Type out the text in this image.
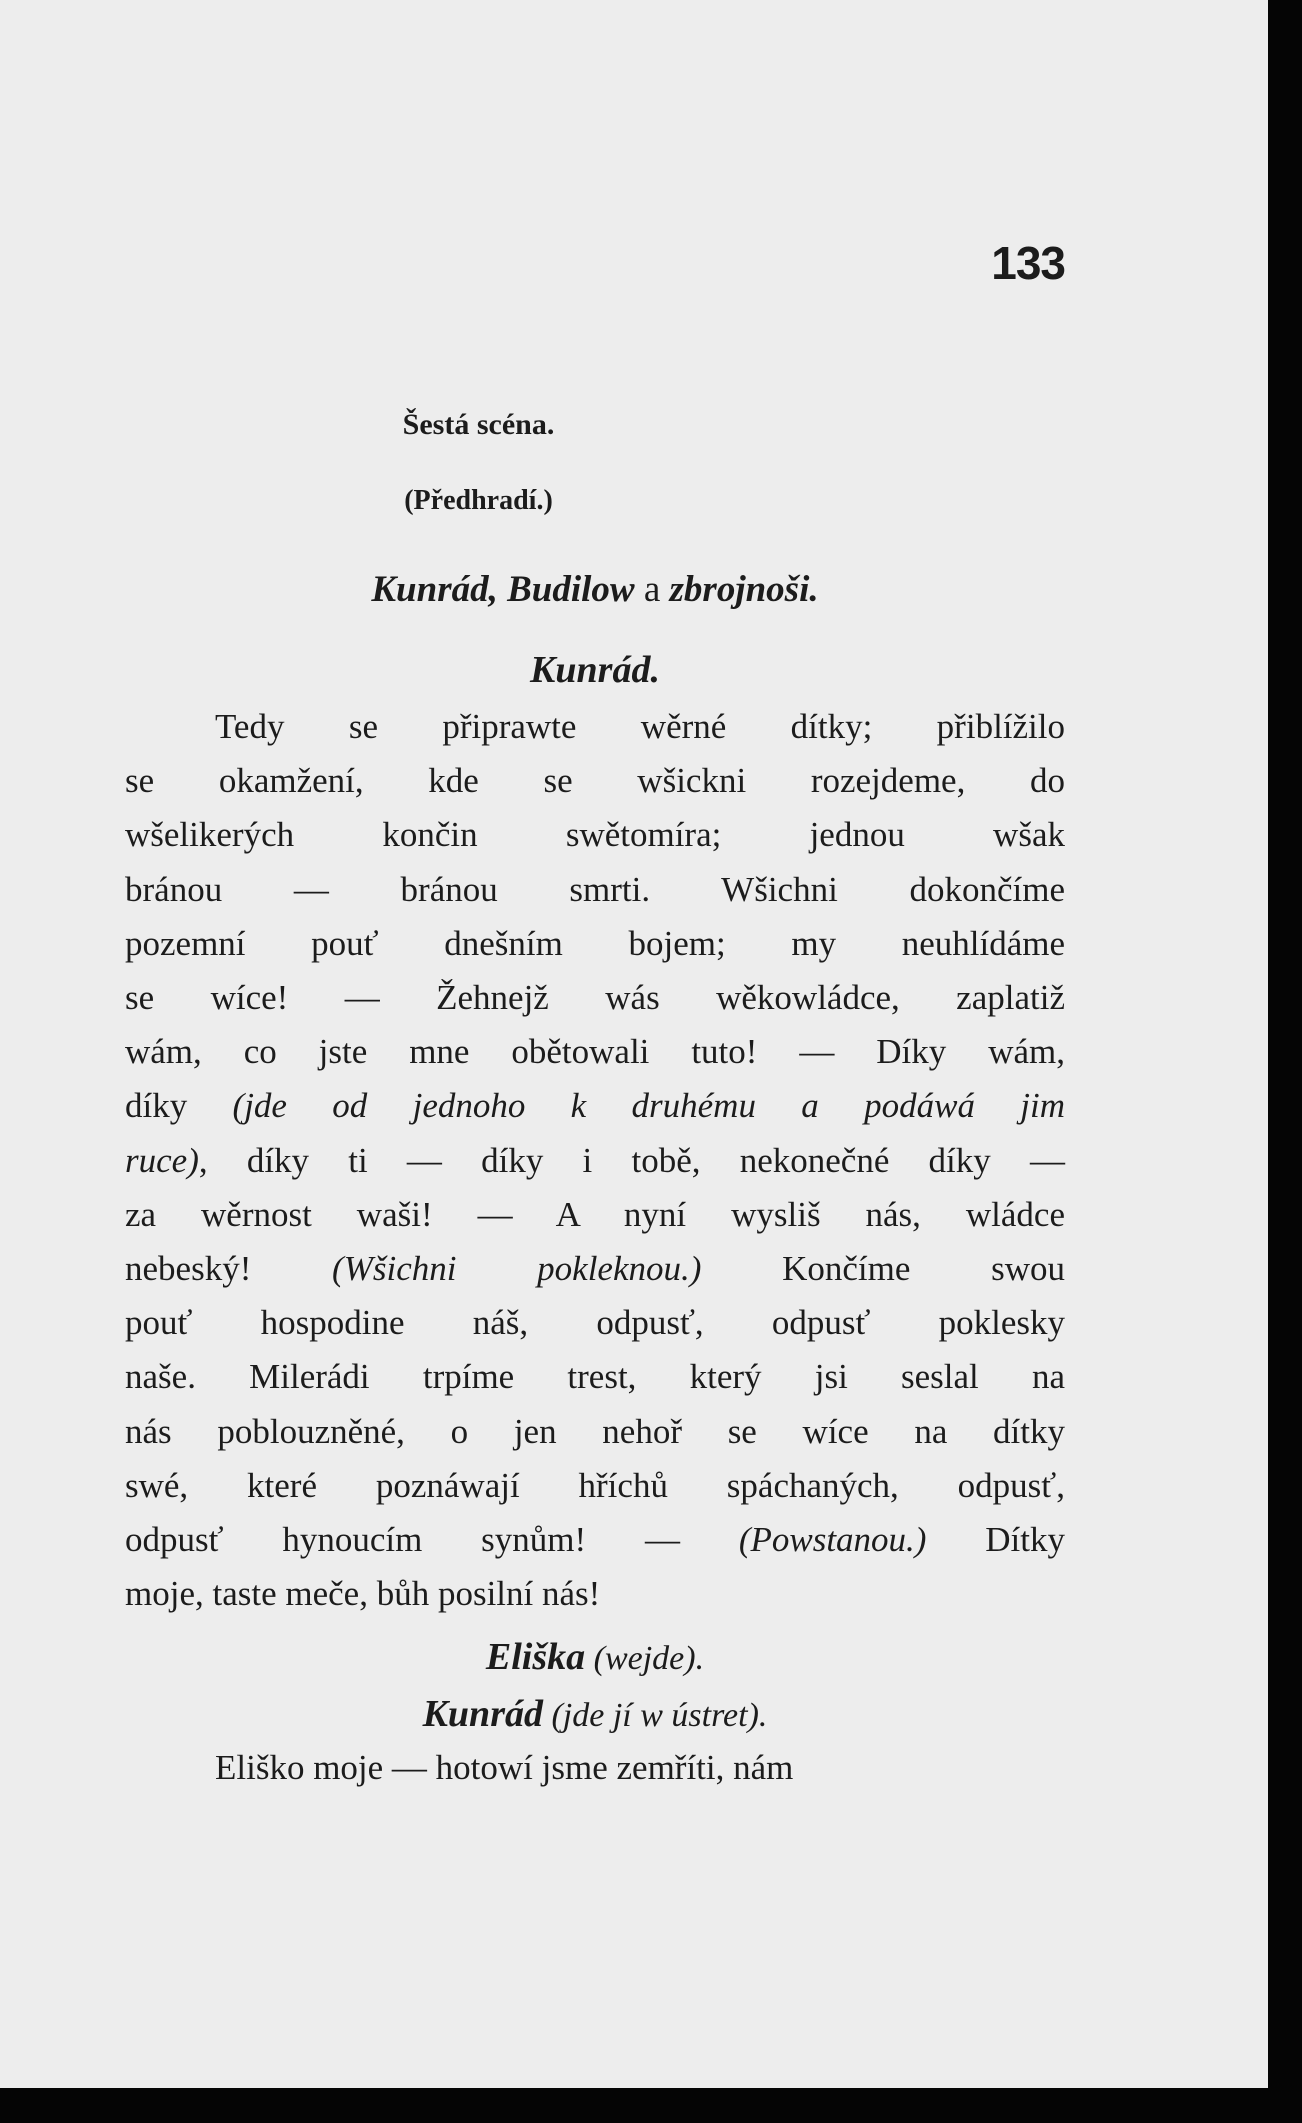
133
Šestá scéna.
(Předhradí.)
Kunrád, Budilow a zbrojnoši.
Kunrád.
Tedy se připrawte wěrné dítky; přiblížilo
se okamžení, kde se wšickni rozejdeme, do
wšelikerých končin swětomíra; jednou wšak
bránou — bránou smrti. Wšichni dokončíme
pozemní pouť dnešním bojem; my neuhlídáme
se wíce! — Žehnejž wás wěkowládce, zaplatiž
wám, co jste mne obětowali tuto! — Díky wám,
díky (jde od jednoho k druhému a podáwá jim
ruce), díky ti — díky i tobě, nekonečné díky —
za wěrnost waši! — A nyní wysliš nás, wládce
nebeský! (Wšichni pokleknou.) Končíme swou
pouť hospodine náš, odpusť, odpusť poklesky
naše. Milerádi trpíme trest, který jsi seslal na
nás poblouzněné, o jen nehoř se wíce na dítky
swé, které poznáwají hříchů spáchaných, odpusť,
odpusť hynoucím synům! — (Powstanou.) Dítky
moje, taste meče, bůh posilní nás!
Eliška (wejde).
Kunrád (jde jí w ústret).
Eliško moje — hotowí jsme zemříti, nám
